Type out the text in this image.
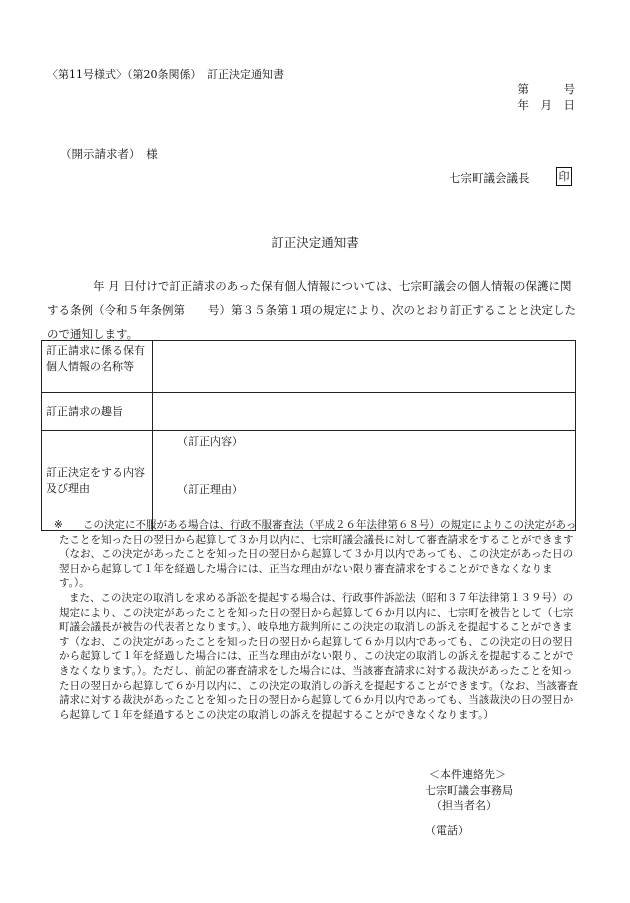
〈第11号様式〉（第20条関係）　訂正決定通知書
第　　　号
年　月　日
（開示請求者）　様
七宗町議会議長	印
訂正決定通知書
年 月 日付けで訂正請求のあった保有個人情報については、七宗町議会の個人情報の保護に関する条例（令和５年条例第　　号）第３５条第１項の規定により、次のとおり訂正することと決定したので通知します。
訂正請求に係る保有個人情報の名称等	
訂正請求の趣旨	
訂正決定をする内容及び理由	（訂正内容）
（訂正理由）
※	この決定に不服がある場合は、行政不服審査法（平成２６年法律第６８号）の規定によりこの決定があったことを知った日の翌日から起算して３か月以内に、七宗町議会議長に対して審査請求をすることができます（なお、この決定があったことを知った日の翌日から起算して３か月以内であっても、この決定があった日の翌日から起算して１年を経過した場合には、正当な理由がない限り審査請求をすることができなくなります。）。

また、この決定の取消しを求める訴訟を提起する場合は、行政事件訴訟法（昭和３７年法律第１３９号）の規定により、この決定があったことを知った日の翌日から起算して６か月以内に、七宗町を被告として（七宗町議会議長が被告の代表者となります。）、岐阜地方裁判所にこの決定の取消しの訴えを提起することができます（なお、この決定があったことを知った日の翌日から起算して６か月以内であっても、この決定の日の翌日から起算して１年を経過した場合には、正当な理由がない限り、この決定の取消しの訴えを提起することができなくなります。）。ただし、前記の審査請求をした場合には、当該審査請求に対する裁決があったことを知った日の翌日から起算して６か月以内に、この決定の取消しの訴えを提起することができます。（なお、当該審査請求に対する裁決があったことを知った日の翌日から起算して６か月以内であっても、当該裁決の日の翌日から起算して１年を経過するとこの決定の取消しの訴えを提起することができなくなります。）

＜本件連絡先＞
七宗町議会事務局
（担当者名）
（電話）
